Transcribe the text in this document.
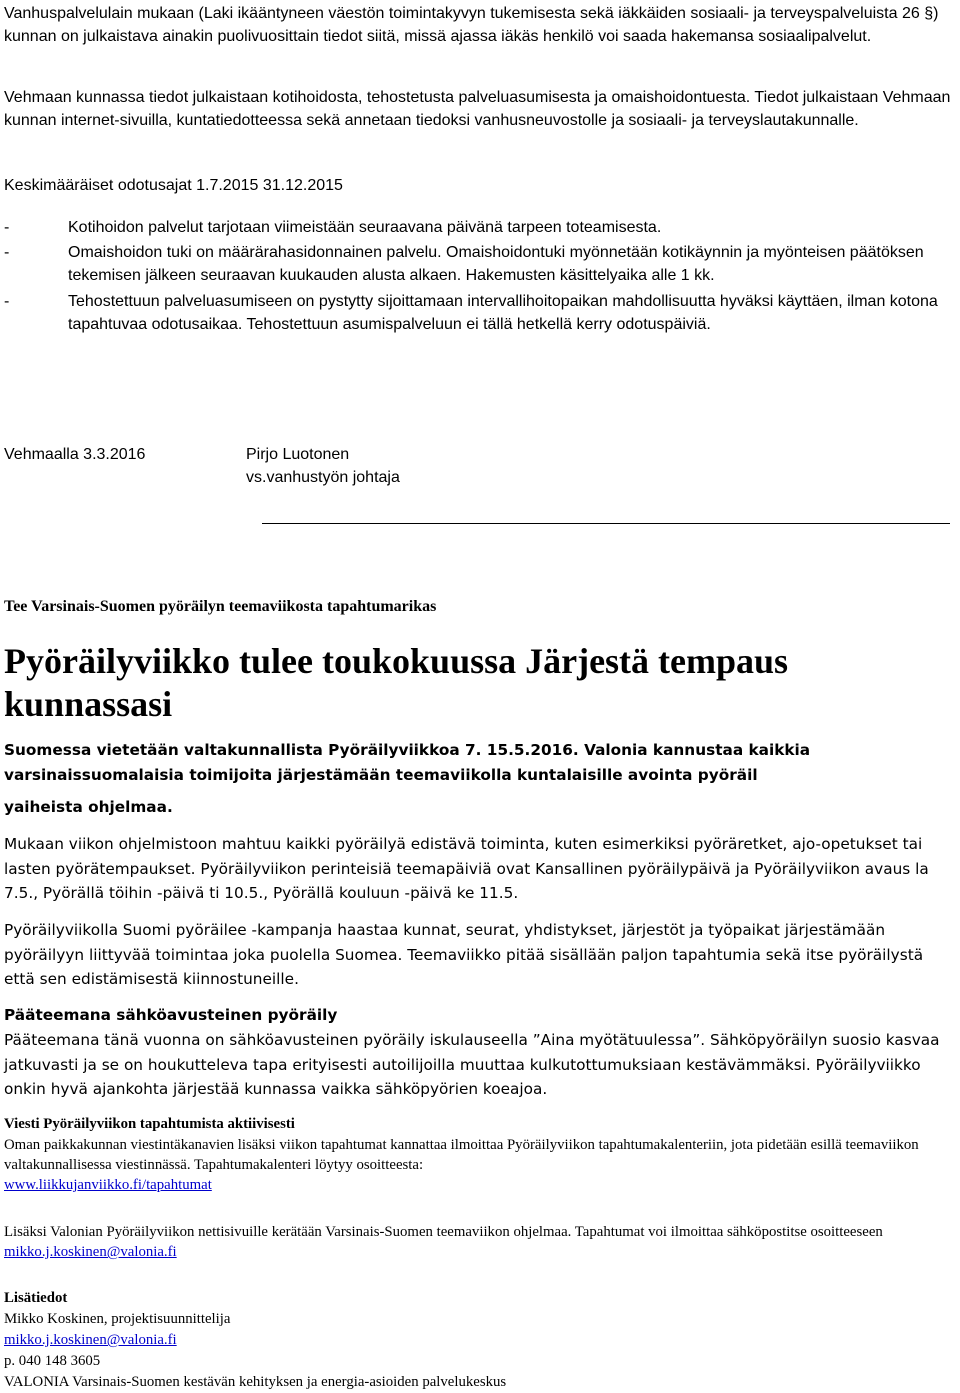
Vanhuspalvelulain mukaan (Laki ikääntyneen väestön toimintakyvyn tukemisesta sekä iäkkäiden sosiaali- ja terveyspalveluista 26 §) kunnan on julkaistava ainakin puolivuosittain tiedot siitä, missä ajassa iäkäs henkilö voi saada hakemansa sosiaalipalvelut.

Vehmaan kunnassa tiedot julkaistaan kotihoidosta, tehostetusta palveluasumisesta ja omaishoidontuesta. Tiedot julkaistaan Vehmaan kunnan internet-sivuilla, kuntatiedotteessa sekä annetaan tiedoksi vanhusneuvostolle ja sosiaali- ja terveyslautakunnalle.

Keskimääräiset odotusajat 1.7.2015 31.12.2015

-	Kotihoidon palvelut tarjotaan viimeistään seuraavana päivänä tarpeen toteamisesta.
-	Omaishoidon tuki on määrärahasidonnainen palvelu. Omaishoidontuki myönnetään kotikäynnin ja myönteisen päätöksen tekemisen jälkeen seuraavan kuukauden alusta alkaen. Hakemusten käsittelyaika alle 1 kk.
-	Tehostettuun palveluasumiseen on pystytty sijoittamaan intervallihoitopaikan mahdollisuutta hyväksi käyttäen, ilman kotona tapahtuvaa odotusaikaa. Tehostettuun asumispalveluun ei tällä hetkellä kerry odotuspäiviä.
Vehmaalla 3.3.2016	Pirjo Luotonen
vs.vanhustyön johtaja
Tee Varsinais-Suomen pyöräilyn teemaviikosta tapahtumarikas
Pyöräilyviikko tulee toukokuussa Järjestä tempaus kunnassasi
Suomessa vietetään valtakunnallista Pyöräilyviikkoa 7. 15.5.2016. Valonia kannustaa kaikkia
varsinaissuomalaisia toimijoita järjestämään teemaviikolla kuntalaisille avointa pyöräil
yaiheista ohjelmaa.

Mukaan viikon ohjelmistoon mahtuu kaikki pyöräilyä edistävä toiminta, kuten esimerkiksi pyöräretket, ajo-opetukset tai lasten pyörätempaukset. Pyöräilyviikon perinteisiä teemapäiviä ovat Kansallinen pyöräilypäivä ja Pyöräilyviikon avaus la 7.5., Pyörällä töihin -päivä ti 10.5., Pyörällä kouluun -päivä ke 11.5.

Pyöräilyviikolla Suomi pyöräilee -kampanja haastaa kunnat, seurat, yhdistykset, järjestöt ja työpaikat järjestämään pyöräilyyn liittyvää toimintaa joka puolella Suomea. Teemaviikko pitää sisällään paljon tapahtumia sekä itse pyöräilystä että sen edistämisestä kiinnostuneille.

Pääteemana sähköavusteinen pyöräily

Pääteemana tänä vuonna on sähköavusteinen pyöräily iskulauseella ”Aina myötätuulessa”. Sähköpyöräilyn suosio kasvaa jatkuvasti ja se on houkutteleva tapa erityisesti autoilijoilla muuttaa kulkutottumuksiaan kestävämmäksi. Pyöräilyviikko onkin hyvä ajankohta järjestää kunnassa vaikka sähköpyörien koeajoa.

Viesti Pyöräilyviikon tapahtumista aktiivisesti

Oman paikkakunnan viestintäkanavien lisäksi viikon tapahtumat kannattaa ilmoittaa Pyöräilyviikon tapahtumakalenteriin, jota pidetään esillä teemaviikon valtakunnallisessa viestinnässä. Tapahtumakalenteri löytyy osoitteesta:
www.liikkujanviikko.fi/tapahtumat

Lisäksi Valonian Pyöräilyviikon nettisivuille kerätään Varsinais-Suomen teemaviikon ohjelmaa. Tapahtumat voi ilmoittaa sähköpostitse osoitteeseen mikko.j.koskinen@valonia.fi

Lisätiedot
Mikko Koskinen, projektisuunnittelija
mikko.j.koskinen@valonia.fi
p. 040 148 3605
VALONIA Varsinais-Suomen kestävän kehityksen ja energia-asioiden palvelukeskus
